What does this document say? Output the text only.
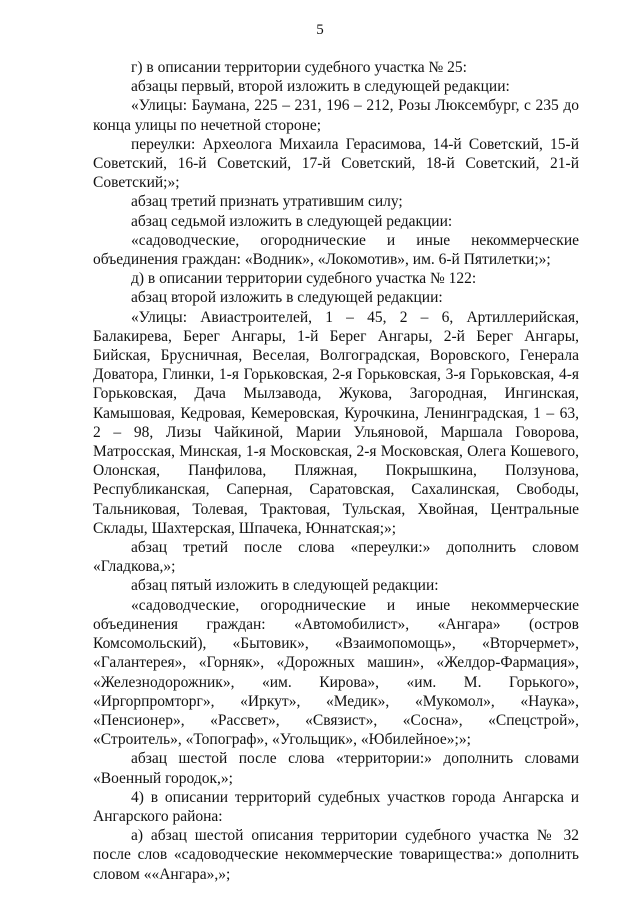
5

г) в описании территории судебного участка № 25:

абзацы первый, второй изложить в следующей редакции:

«Улицы: Баумана, 225 – 231, 196 – 212, Розы Люксембург, с 235 до конца улицы по нечетной стороне;

переулки: Археолога Михаила Герасимова, 14-й Советский, 15-й Советский, 16-й Советский, 17-й Советский, 18-й Советский, 21-й Советский;»;

абзац третий признать утратившим силу;

абзац седьмой изложить в следующей редакции:

«садоводческие, огороднические и иные некоммерческие объединения граждан: «Водник», «Локомотив», им. 6-й Пятилетки;»;

д) в описании территории судебного участка № 122:

абзац второй изложить в следующей редакции:

«Улицы: Авиастроителей, 1 – 45, 2 – 6, Артиллерийская, Балакирева, Берег Ангары, 1-й Берег Ангары, 2-й Берег Ангары, Бийская, Брусничная, Веселая, Волгоградская, Воровского, Генерала Доватора, Глинки, 1-я Горьковская, 2-я Горьковская, 3-я Горьковская, 4-я Горьковская, Дача Мылзавода, Жукова, Загородная, Ингинская, Камышовая, Кедровая, Кемеровская, Курочкина, Ленинградская, 1 – 63, 2 – 98, Лизы Чайкиной, Марии Ульяновой, Маршала Говорова, Матросская, Минская, 1-я Московская, 2-я Московская, Олега Кошевого, Олонская, Панфилова, Пляжная, Покрышкина, Ползунова, Республиканская, Саперная, Саратовская, Сахалинская, Свободы, Тальниковая, Толевая, Трактовая, Тульская, Хвойная, Центральные Склады, Шахтерская, Шпачека, Юннатская;»;

абзац третий после слова «переулки:» дополнить словом «Гладкова,»;

абзац пятый изложить в следующей редакции:

«садоводческие, огороднические и иные некоммерческие объединения граждан: «Автомобилист», «Ангара» (остров Комсомольский), «Бытовик», «Взаимопомощь», «Вторчермет», «Галантерея», «Горняк», «Дорожных машин», «Желдор-Фармация», «Железнодорожник», «им. Кирова», «им. М. Горького», «Иргорпромторг», «Иркут», «Медик», «Мукомол», «Наука», «Пенсионер», «Рассвет», «Связист», «Сосна», «Спецстрой», «Строитель», «Топограф», «Угольщик», «Юбилейное»;»;

абзац шестой после слова «территории:» дополнить словами «Военный городок,»;

4) в описании территорий судебных участков города Ангарска и Ангарского района:

а) абзац шестой описания территории судебного участка № 32 после слов «садоводческие некоммерческие товарищества:» дополнить словом ««Ангара»,»;
